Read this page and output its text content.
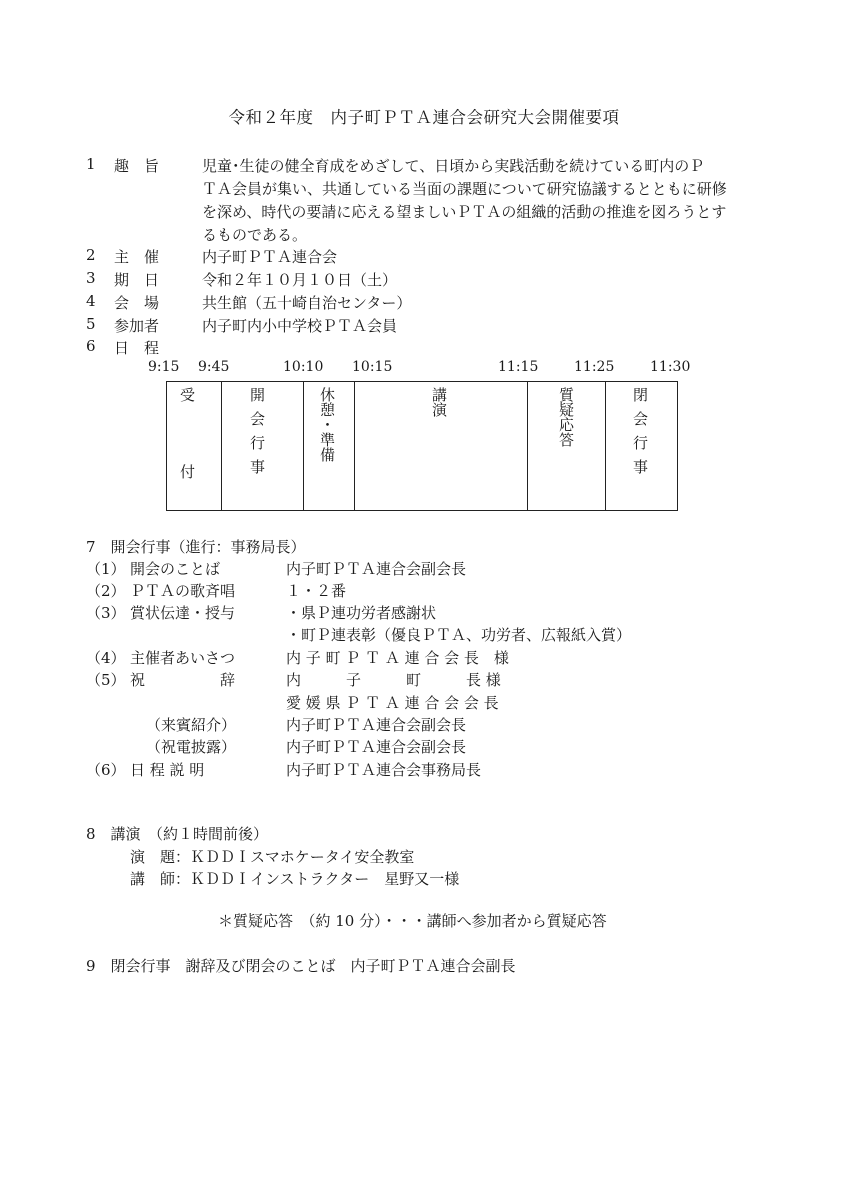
令和２年度　内子町ＰＴＡ連合会研究大会開催要項
1 趣　旨	児童･生徒の健全育成をめざして、日頃から実践活動を続けている町内のＰ
ＴＡ会員が集い、共通している当面の課題について研究協議するとともに研修
を深め、時代の要請に応える望ましいＰＴＡの組織的活動の推進を図ろうとす
るものである。
2 主　催	内子町ＰＴＡ連合会
3 期　日	令和２年１０月１０日（土）
4 会　場	共生館（五十崎自治センター）
5 参加者	内子町内小中学校ＰＴＡ会員
6 日　程
9:15 9:45	10:10 10:15	11:15	11:25	11:30
受付	開会行事	休憩・準備	講演	質疑応答	閉会行事
7　開会行事（進行：事務局長）
（1） 開会のことば	内子町ＰＴＡ連合会副会長
（2） ＰＴＡの歌斉唱	１・２番
（3） 賞状伝達・授与	・県Ｐ連功労者感謝状
・町Ｐ連表彰（優良ＰＴＡ、功労者、広報紙入賞）
（4） 主催者あいさつ	内 子 町 Ｐ Ｔ Ａ 連 合 会 長　様
（5） 祝　　　　　辞	内　　　子　　　町　　　長 様
愛 媛 県 Ｐ Ｔ Ａ 連 合 会 会 長
（来賓紹介）	内子町ＰＴＡ連合会副会長
（祝電披露）	内子町ＰＴＡ連合会副会長
（6） 日 程 説 明	内子町ＰＴＡ連合会事務局長
8　講演　（約１時間前後）
演　題：ＫＤＤＩスマホケータイ安全教室
講　師：ＫＤＤＩインストラクター　星野又一様
＊質疑応答　（約 10 分）・・・講師へ参加者から質疑応答
9　閉会行事　謝辞及び閉会のことば　内子町ＰＴＡ連合会副長
